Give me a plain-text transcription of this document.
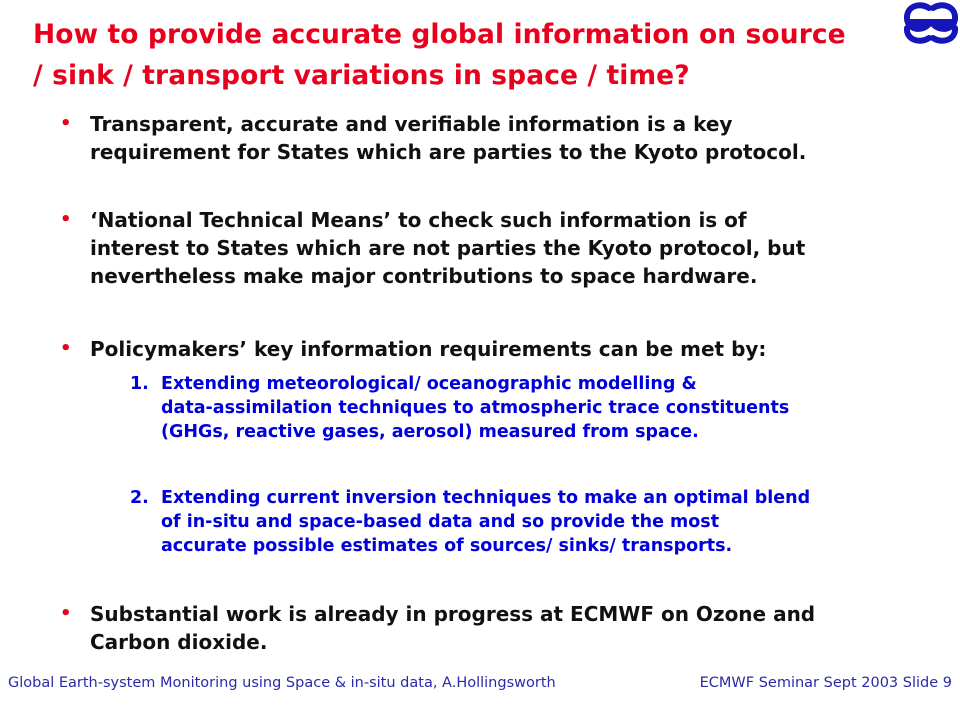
How to provide accurate global information on source
/ sink / transport variations in space / time?
• Transparent, accurate and verifiable information is a key
requirement for States which are parties to the Kyoto protocol.
• ‘National Technical Means’ to check such information is of
interest to States which are not parties the Kyoto protocol, but
nevertheless make major contributions to space hardware.
• Policymakers’ key information requirements can be met by:
1. Extending meteorological/ oceanographic modelling &
data-assimilation techniques to atmospheric trace constituents
(GHGs, reactive gases, aerosol) measured from space.
2. Extending current inversion techniques to make an optimal blend
of in-situ and space-based data and so provide the most
accurate possible estimates of sources/ sinks/ transports.
• Substantial work is already in progress at ECMWF on Ozone and
Carbon dioxide.
Global Earth-system Monitoring using Space & in-situ data, A.Hollingsworth	ECMWF Seminar Sept 2003 Slide 9
